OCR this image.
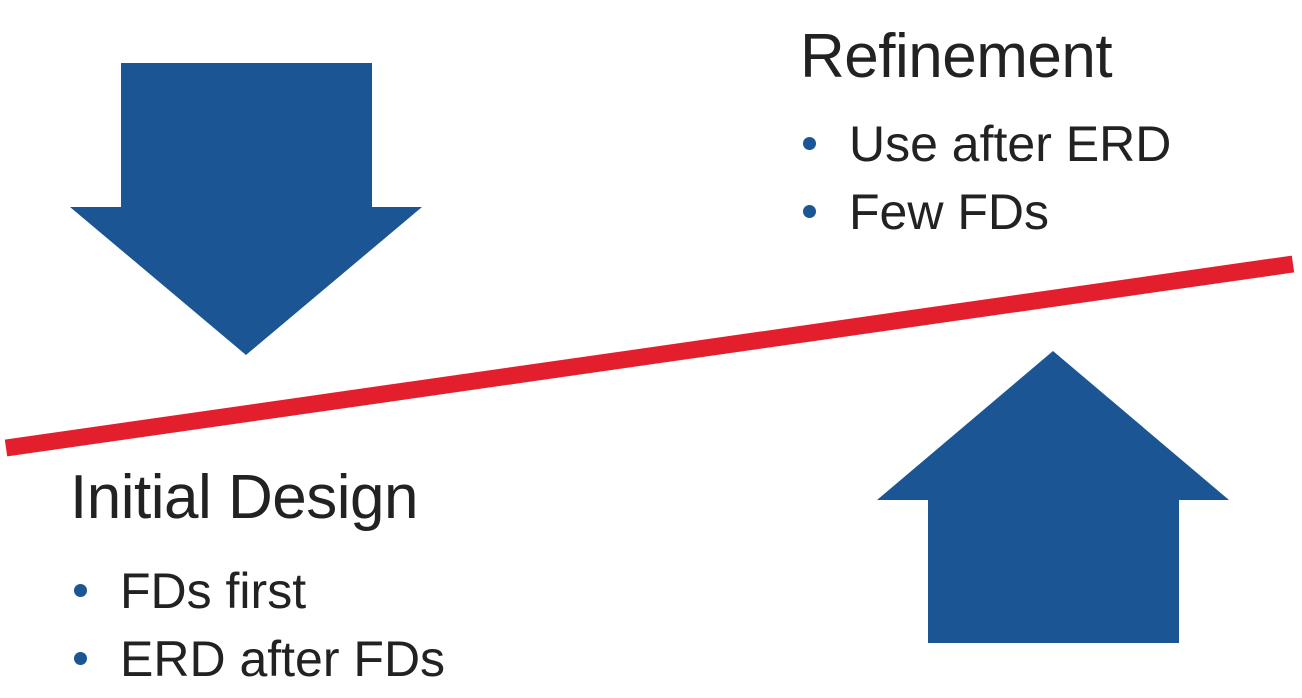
Refinement
Use after ERD
Few FDs
Initial Design
FDs first
ERD after FDs
